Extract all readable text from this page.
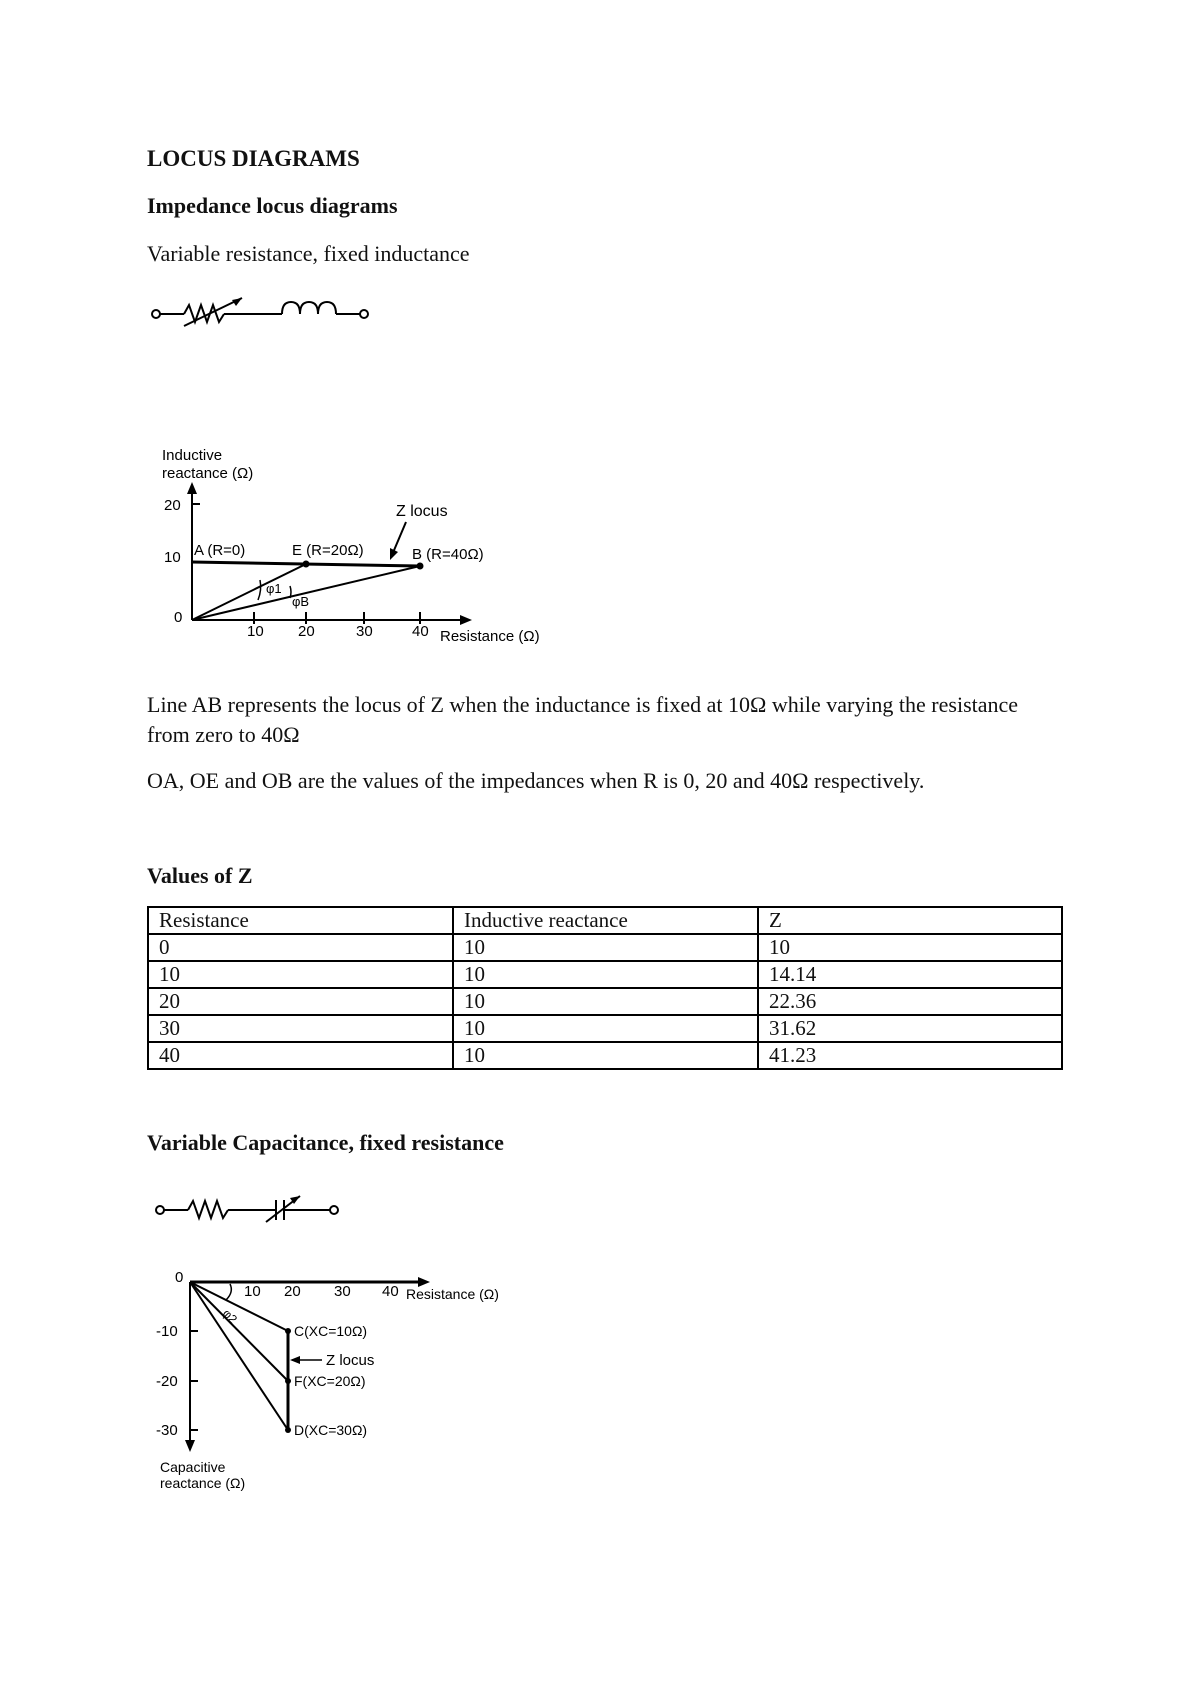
LOCUS DIAGRAMS
Impedance locus diagrams
Variable resistance, fixed inductance
Inductive
reactance (Ω)
20
10
0
10 20	30	40 Resistance (Ω)
A (R=0)	E (R=20Ω)	B (R=40Ω)
Z locus
φ1
φB
Line AB represents the locus of Z when the inductance is fixed at 10Ω while varying the resistance from zero to 40Ω
OA, OE and OB are the values of the impedances when R is 0, 20 and 40Ω respectively.
Values of Z
Resistance	Inductive reactance	Z
0	10	10
10	10	14.14
20	10	22.36
30	10	31.62
40	10	41.23
Variable Capacitance, fixed resistance
0
10 20 30 40 Resistance (Ω)
-10
-20
-30
C(XC=10Ω)
F(XC=20Ω)
D(XC=30Ω)
Z locus
φ2
Capacitive
reactance (Ω)
